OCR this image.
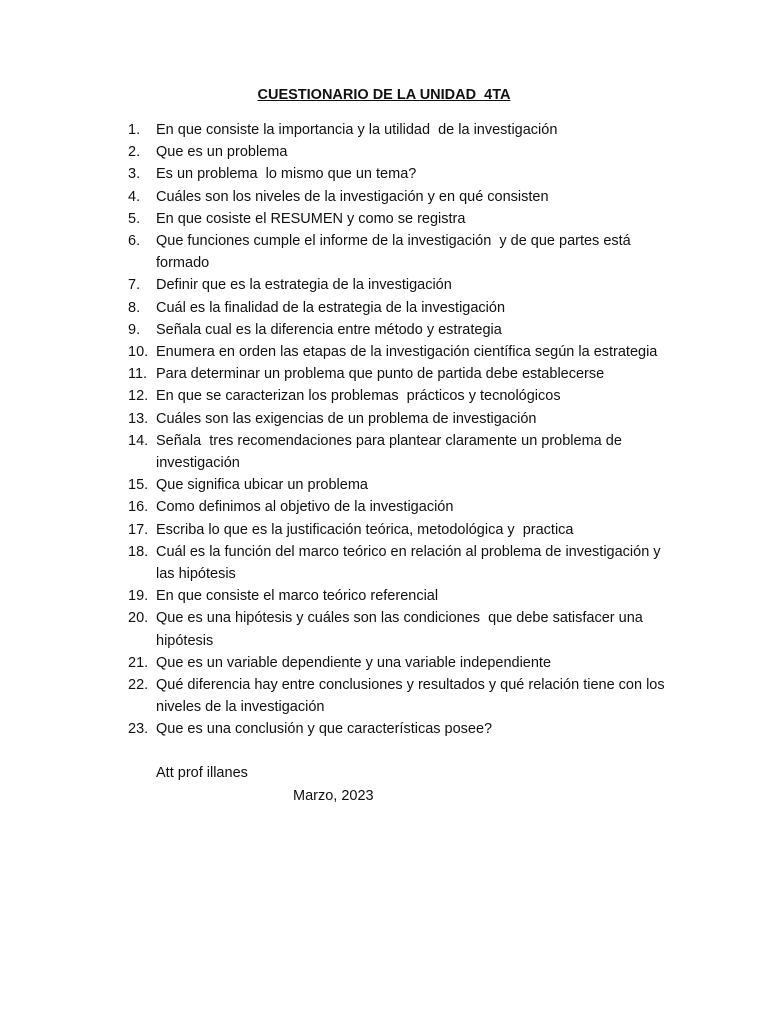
CUESTIONARIO DE LA UNIDAD  4TA
1. En que consiste la importancia y la utilidad  de la investigación
2. Que es un problema
3. Es un problema  lo mismo que un tema?
4. Cuáles son los niveles de la investigación y en qué consisten
5. En que cosiste el RESUMEN y como se registra
6. Que funciones cumple el informe de la investigación  y de que partes está formado
7. Definir que es la estrategia de la investigación
8. Cuál es la finalidad de la estrategia de la investigación
9. Señala cual es la diferencia entre método y estrategia
10. Enumera en orden las etapas de la investigación científica según la estrategia
11. Para determinar un problema que punto de partida debe establecerse
12. En que se caracterizan los problemas  prácticos y tecnológicos
13. Cuáles son las exigencias de un problema de investigación
14. Señala  tres recomendaciones para plantear claramente un problema de investigación
15. Que significa ubicar un problema
16. Como definimos al objetivo de la investigación
17. Escriba lo que es la justificación teórica, metodológica y  practica
18. Cuál es la función del marco teórico en relación al problema de investigación y las hipótesis
19. En que consiste el marco teórico referencial
20. Que es una hipótesis y cuáles son las condiciones  que debe satisfacer una hipótesis
21. Que es un variable dependiente y una variable independiente
22. Qué diferencia hay entre conclusiones y resultados y qué relación tiene con los niveles de la investigación
23. Que es una conclusión y que características posee?
Att prof illanes
Marzo, 2023
